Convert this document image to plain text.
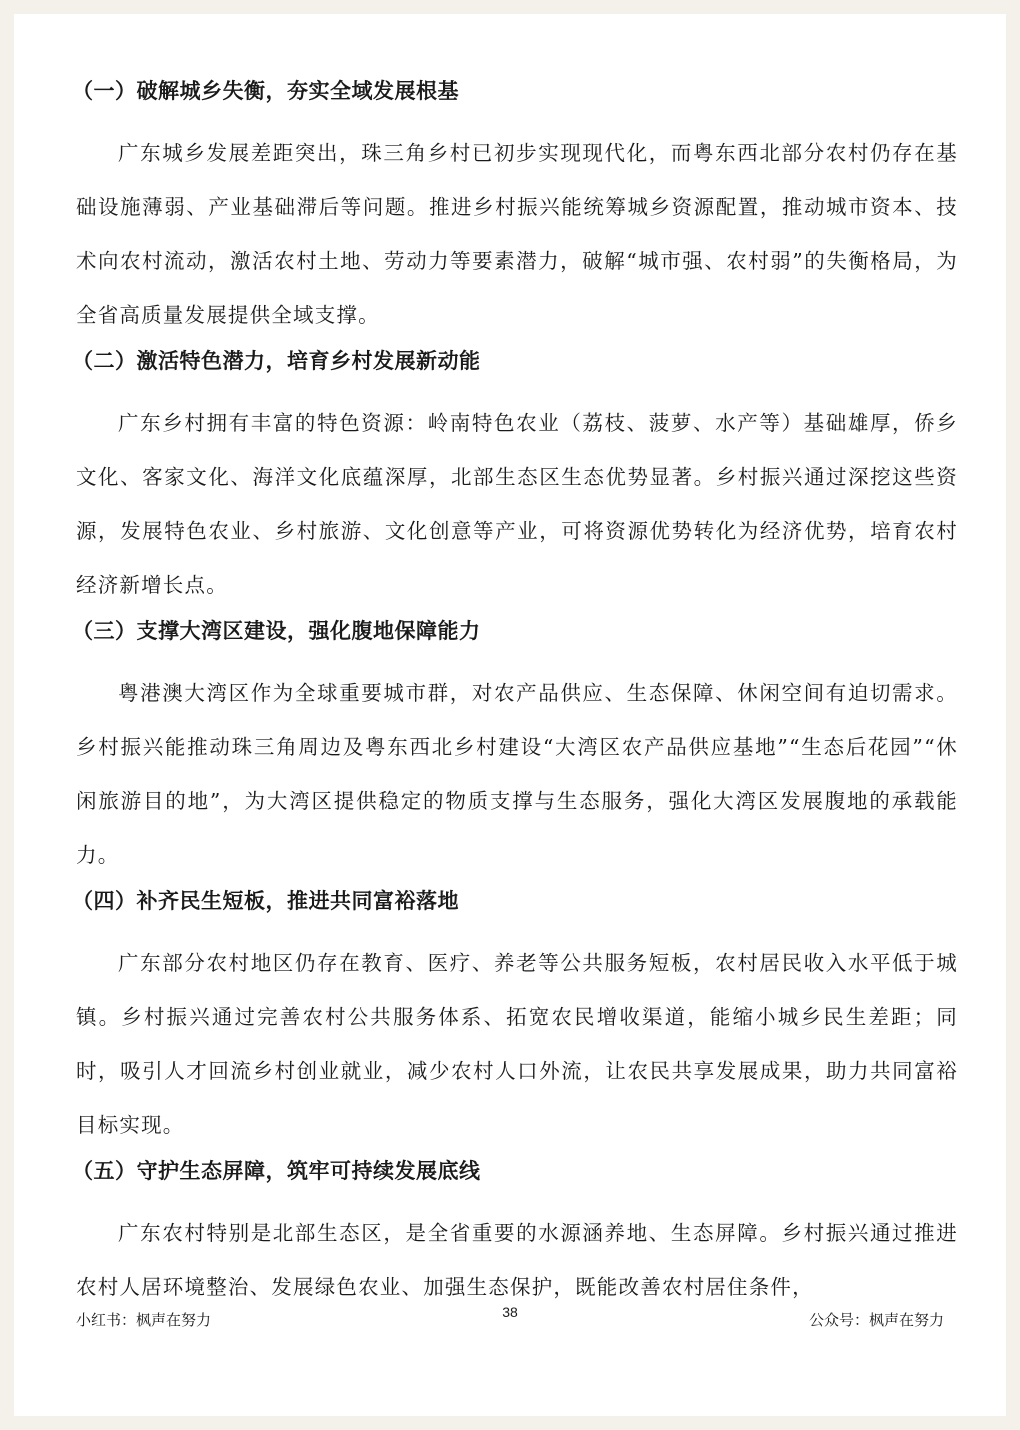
（一）破解城乡失衡，夯实全域发展根基

广东城乡发展差距突出，珠三角乡村已初步实现现代化，而粤东西北部分农村仍存在基础设施薄弱、产业基础滞后等问题。推进乡村振兴能统筹城乡资源配置，推动城市资本、技术向农村流动，激活农村土地、劳动力等要素潜力，破解“城市强、农村弱”的失衡格局，为全省高质量发展提供全域支撑。

（二）激活特色潜力，培育乡村发展新动能

广东乡村拥有丰富的特色资源：岭南特色农业（荔枝、菠萝、水产等）基础雄厚，侨乡文化、客家文化、海洋文化底蕴深厚，北部生态区生态优势显著。乡村振兴通过深挖这些资源，发展特色农业、乡村旅游、文化创意等产业，可将资源优势转化为经济优势，培育农村经济新增长点。

（三）支撑大湾区建设，强化腹地保障能力

粤港澳大湾区作为全球重要城市群，对农产品供应、生态保障、休闲空间有迫切需求。乡村振兴能推动珠三角周边及粤东西北乡村建设“大湾区农产品供应基地”“生态后花园”“休闲旅游目的地”，为大湾区提供稳定的物质支撑与生态服务，强化大湾区发展腹地的承载能力。

（四）补齐民生短板，推进共同富裕落地

广东部分农村地区仍存在教育、医疗、养老等公共服务短板，农村居民收入水平低于城镇。乡村振兴通过完善农村公共服务体系、拓宽农民增收渠道，能缩小城乡民生差距；同时，吸引人才回流乡村创业就业，减少农村人口外流，让农民共享发展成果，助力共同富裕目标实现。

（五）守护生态屏障，筑牢可持续发展底线

广东农村特别是北部生态区，是全省重要的水源涵养地、生态屏障。乡村振兴通过推进农村人居环境整治、发展绿色农业、加强生态保护，既能改善农村居住条件，

小红书：枫声在努力	38	公众号：枫声在努力
